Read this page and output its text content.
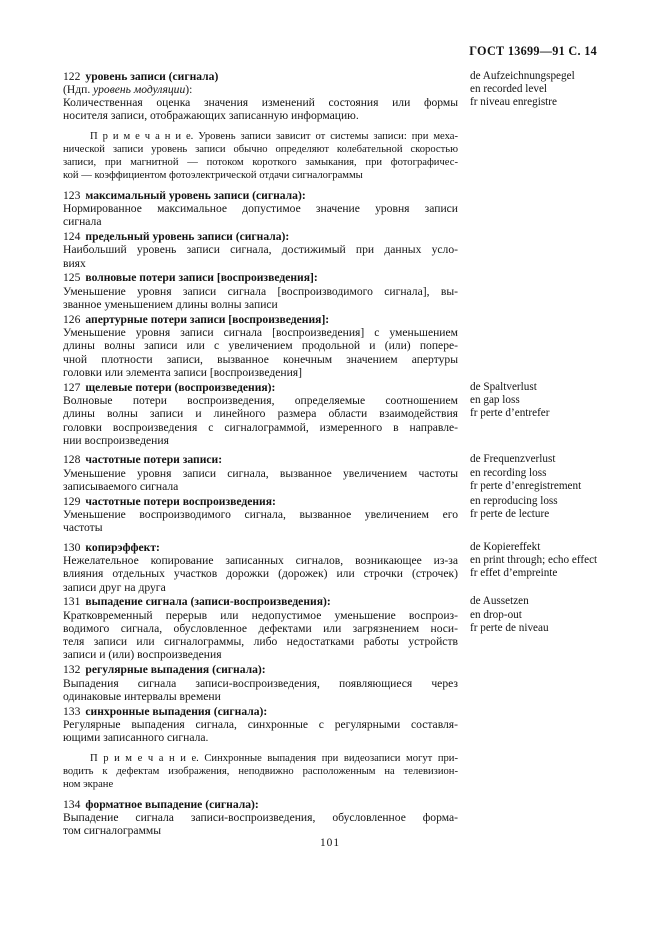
ГОСТ 13699—91 С. 14
122 уровень записи (сигнала)
(Ндп. уровень модуляции):
Количественная оценка значения изменений состояния или формы
носителя записи, отображающих записанную информацию.
П р и м е ч а н и е. Уровень записи зависит от системы записи: при меха-
нической записи уровень записи обычно определяют колебательной скоростью
записи, при магнитной — потоком короткого замыкания, при фотографичес-
кой — коэффициентом фотоэлектрической отдачи сигналограммы
de Aufzeichnungspegel
en recorded level
fr niveau enregistre
123 максимальный уровень записи (сигнала):
Нормированное максимальное допустимое значение уровня записи
сигнала
124 предельный уровень записи (сигнала):
Наибольший уровень записи сигнала, достижимый при данных усло-
виях
125 волновые потери записи [воспроизведения]:
Уменьшение уровня записи сигнала [воспроизводимого сигнала], вы-
званное уменьшением длины волны записи
126 апертурные потери записи [воспроизведения]:
Уменьшение уровня записи сигнала [воспроизведения] с уменьшением
длины волны записи или с увеличением продольной и (или) попере-
чной плотности записи, вызванное конечным значением апертуры
головки или элемента записи [воспроизведения]
127 щелевые потери (воспроизведения):
Волновые потери воспроизведения, определяемые соотношением
длины волны записи и линейного размера области взаимодействия
головки воспроизведения с сигналограммой, измеренного в направле-
нии воспроизведения
de Spaltverlust
en gap loss
fr perte d’entrefer
128 частотные потери записи:
Уменьшение уровня записи сигнала, вызванное увеличением частоты
записываемого сигнала
de Frequenzverlust
en recording loss
fr perte d’enregistrement
129 частотные потери воспроизведения:
Уменьшение воспроизводимого сигнала, вызванное увеличением его
частоты
en reproducing loss
fr perte de lecture
130 копирэффект:
Нежелательное копирование записанных сигналов, возникающее из-за
влияния отдельных участков дорожки (дорожек) или строчки (строчек)
записи друг на друга
de Kopiereffekt
en print through; echo effect
fr effet d’empreinte
131 выпадение сигнала (записи-воспроизведения):
Кратковременный перерыв или недопустимое уменьшение воспроиз-
водимого сигнала, обусловленное дефектами или загрязнением носи-
теля записи или сигналограммы, либо недостатками работы устройств
записи и (или) воспроизведения
de Aussetzen
en drop-out
fr perte de niveau
132 регулярные выпадения (сигнала):
Выпадения сигнала записи-воспроизведения, появляющиеся через
одинаковые интервалы времени
133 синхронные выпадения (сигнала):
Регулярные выпадения сигнала, синхронные с регулярными составля-
ющими записанного сигнала.
П р и м е ч а н и е. Синхронные выпадения при видеозаписи могут при-
водить к дефектам изображения, неподвижно расположенным на телевизион-
ном экране
134 форматное выпадение (сигнала):
Выпадение сигнала записи-воспроизведения, обусловленное форма-
том сигналограммы
101
